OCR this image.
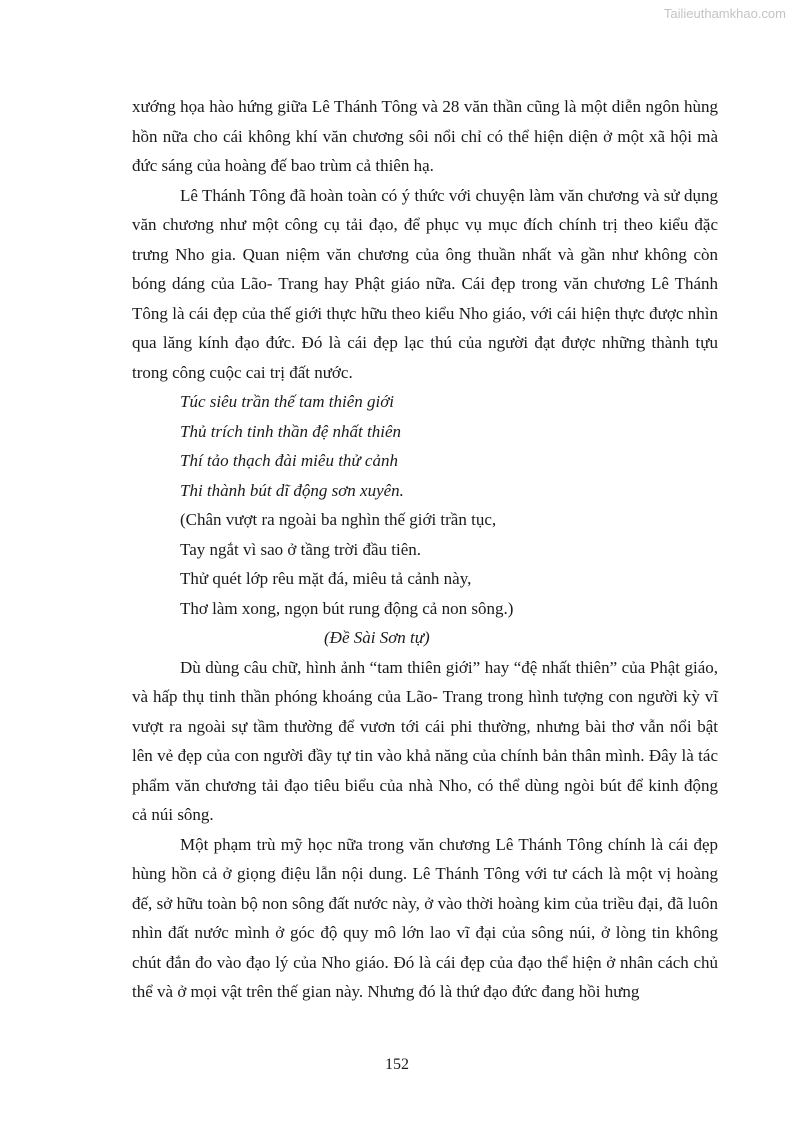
Tailieuthamkhao.com

xướng họa hào hứng giữa Lê Thánh Tông và 28 văn thần cũng là một diễn ngôn hùng hồn nữa cho cái không khí văn chương sôi nổi chỉ có thể hiện diện ở một xã hội mà đức sáng của hoàng đế bao trùm cả thiên hạ.

Lê Thánh Tông đã hoàn toàn có ý thức với chuyện làm văn chương và sử dụng văn chương như một công cụ tải đạo, để phục vụ mục đích chính trị theo kiểu đặc trưng Nho gia. Quan niệm văn chương của ông thuần nhất và gần như không còn bóng dáng của Lão- Trang hay Phật giáo nữa. Cái đẹp trong văn chương Lê Thánh Tông là cái đẹp của thế giới thực hữu theo kiểu Nho giáo, với cái hiện thực được nhìn qua lăng kính đạo đức. Đó là cái đẹp lạc thú của người đạt được những thành tựu trong công cuộc cai trị đất nước.

Túc siêu trần thế tam thiên giới
Thủ trích tinh thần đệ nhất thiên
Thí tảo thạch đài miêu thử cảnh
Thi thành bút dĩ động sơn xuyên.
(Chân vượt ra ngoài ba nghìn thế giới trần tục,
Tay ngắt vì sao ở tầng trời đầu tiên.
Thử quét lớp rêu mặt đá, miêu tả cảnh này,
Thơ làm xong, ngọn bút rung động cả non sông.)
(Đề Sài Sơn tự)

Dù dùng câu chữ, hình ảnh “tam thiên giới” hay “đệ nhất thiên” của Phật giáo, và hấp thụ tinh thần phóng khoáng của Lão- Trang trong hình tượng con người kỳ vĩ vượt ra ngoài sự tầm thường để vươn tới cái phi thường, nhưng bài thơ vẫn nổi bật lên vẻ đẹp của con người đầy tự tin vào khả năng của chính bản thân mình. Đây là tác phẩm văn chương tải đạo tiêu biểu của nhà Nho, có thể dùng ngòi bút để kinh động cả núi sông.

Một phạm trù mỹ học nữa trong văn chương Lê Thánh Tông chính là cái đẹp hùng hồn cả ở giọng điệu lẫn nội dung. Lê Thánh Tông với tư cách là một vị hoàng đế, sở hữu toàn bộ non sông đất nước này, ở vào thời hoàng kim của triều đại, đã luôn nhìn đất nước mình ở góc độ quy mô lớn lao vĩ đại của sông núi, ở lòng tin không chút đắn đo vào đạo lý của Nho giáo. Đó là cái đẹp của đạo thể hiện ở nhân cách chủ thể và ở mọi vật trên thế gian này. Nhưng đó là thứ đạo đức đang hồi hưng

152
